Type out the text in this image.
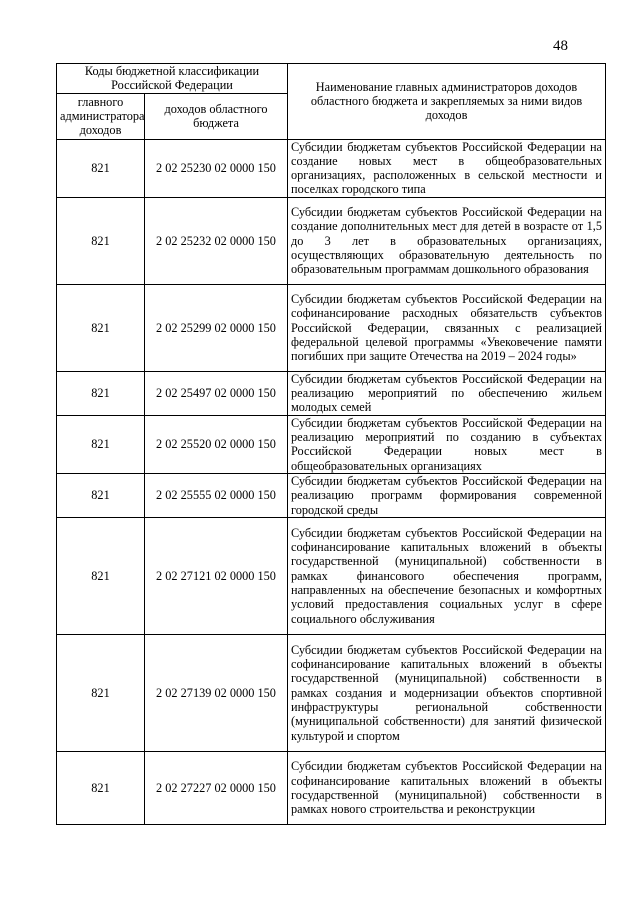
48
Коды бюджетной классификации Российской Федерации		Наименование главных администраторов доходов областного бюджета и закрепляемых за ними видов доходов
главного администратора доходов	доходов областного бюджета	
821	2 02 25230 02 0000 150	Субсидии бюджетам субъектов Российской Федерации на создание новых мест в общеобразовательных организациях, расположенных в сельской местности и поселках городского типа
821	2 02 25232 02 0000 150	Субсидии бюджетам субъектов Российской Федерации на создание дополнительных мест для детей в возрасте от 1,5 до 3 лет в образовательных организациях, осуществляющих образовательную деятельность по образовательным программам дошкольного образования
821	2 02 25299 02 0000 150	Субсидии бюджетам субъектов Российской Федерации на софинансирование расходных обязательств субъектов Российской Федерации, связанных с реализацией федеральной целевой программы «Увековечение памяти погибших при защите Отечества на 2019 – 2024 годы»
821	2 02 25497 02 0000 150	Субсидии бюджетам субъектов Российской Федерации на реализацию мероприятий по обеспечению жильем молодых семей
821	2 02 25520 02 0000 150	Субсидии бюджетам субъектов Российской Федерации на реализацию мероприятий по созданию в субъектах Российской Федерации новых мест в общеобразовательных организациях
821	2 02 25555 02 0000 150	Субсидии бюджетам субъектов Российской Федерации на реализацию программ формирования современной городской среды
821	2 02 27121 02 0000 150	Субсидии бюджетам субъектов Российской Федерации на софинансирование капитальных вложений в объекты государственной (муниципальной) собственности в рамках финансового обеспечения программ, направленных на обеспечение безопасных и комфортных условий предоставления социальных услуг в сфере социального обслуживания
821	2 02 27139 02 0000 150	Субсидии бюджетам субъектов Российской Федерации на софинансирование капитальных вложений в объекты государственной (муниципальной) собственности в рамках создания и модернизации объектов спортивной инфраструктуры региональной собственности (муниципальной собственности) для занятий физической культурой и спортом
821	2 02 27227 02 0000 150	Субсидии бюджетам субъектов Российской Федерации на софинансирование капитальных вложений в объекты государственной (муниципальной) собственности в рамках нового строительства и реконструкции
